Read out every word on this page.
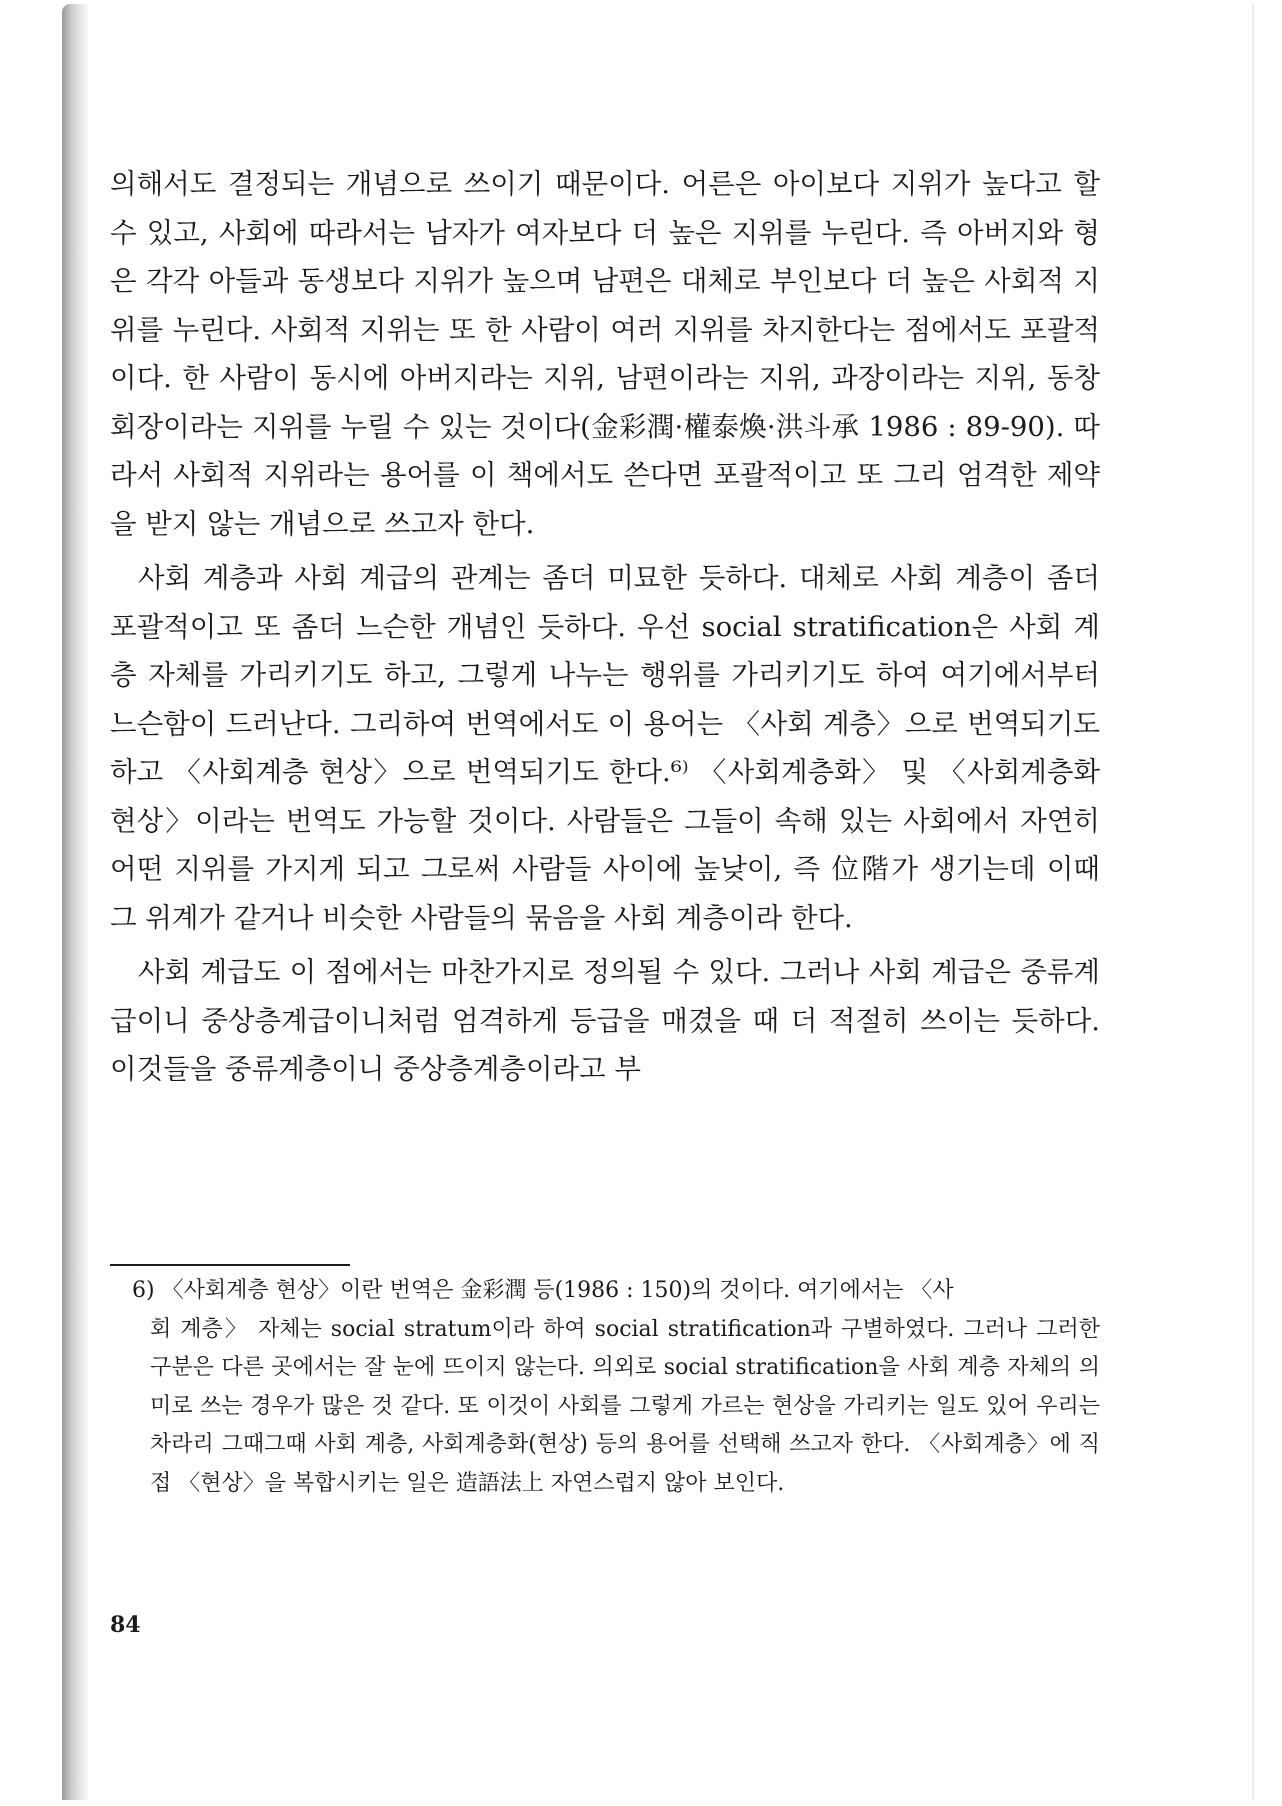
의해서도 결정되는 개념으로 쓰이기 때문이다. 어른은 아이보다 지위가 높다고 할 수 있고, 사회에 따라서는 남자가 여자보다 더 높은 지위를 누린다. 즉 아버지와 형은 각각 아들과 동생보다 지위가 높으며 남편은 대체로 부인보다 더 높은 사회적 지위를 누린다. 사회적 지위는 또 한 사람이 여러 지위를 차지한다는 점에서도 포괄적이다. 한 사람이 동시에 아버지라는 지위, 남편이라는 지위, 과장이라는 지위, 동창회장이라는 지위를 누릴 수 있는 것이다(金彩潤·權泰煥·洪斗承 1986 : 89-90). 따라서 사회적 지위라는 용어를 이 책에서도 쓴다면 포괄적이고 또 그리 엄격한 제약을 받지 않는 개념으로 쓰고자 한다.

사회 계층과 사회 계급의 관계는 좀더 미묘한 듯하다. 대체로 사회 계층이 좀더 포괄적이고 또 좀더 느슨한 개념인 듯하다. 우선 social stratification은 사회 계층 자체를 가리키기도 하고, 그렇게 나누는 행위를 가리키기도 하여 여기에서부터 느슨함이 드러난다. 그리하여 번역에서도 이 용어는 〈사회 계층〉으로 번역되기도 하고 〈사회계층 현상〉으로 번역되기도 한다.⁶⁾ 〈사회계층화〉 및 〈사회계층화 현상〉이라는 번역도 가능할 것이다. 사람들은 그들이 속해 있는 사회에서 자연히 어떤 지위를 가지게 되고 그로써 사람들 사이에 높낮이, 즉 位階가 생기는데 이때 그 위계가 같거나 비슷한 사람들의 묶음을 사회 계층이라 한다.

사회 계급도 이 점에서는 마찬가지로 정의될 수 있다. 그러나 사회 계급은 중류계급이니 중상층계급이니처럼 엄격하게 등급을 매겼을 때 더 적절히 쓰이는 듯하다. 이것들을 중류계층이니 중상층계층이라고 부

6) 〈사회계층 현상〉이란 번역은 金彩潤 등(1986 : 150)의 것이다. 여기에서는 〈사
회 계층〉 자체는 social stratum이라 하여 social stratification과 구별하였다. 그러나 그러한 구분은 다른 곳에서는 잘 눈에 뜨이지 않는다. 의외로 social stratification을 사회 계층 자체의 의미로 쓰는 경우가 많은 것 같다. 또 이것이 사회를 그렇게 가르는 현상을 가리키는 일도 있어 우리는 차라리 그때그때 사회 계층, 사회계층화(현상) 등의 용어를 선택해 쓰고자 한다. 〈사회계층〉에 직접 〈현상〉을 복합시키는 일은 造語法上 자연스럽지 않아 보인다.
84
